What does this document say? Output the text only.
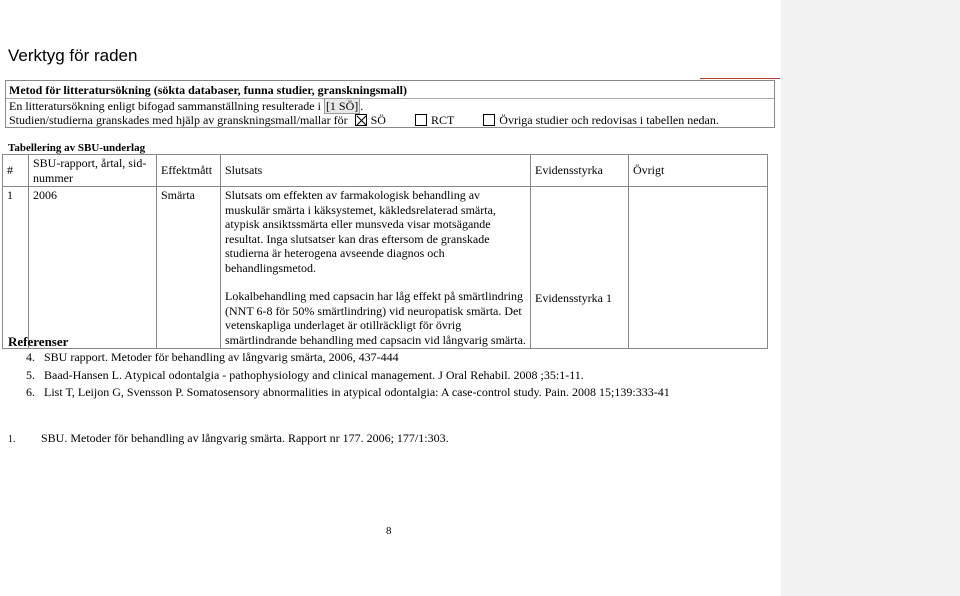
Verktyg för raden
Metod för litteratursökning (sökta databaser, funna studier, granskningsmall)
En litteratursökning enligt bifogad sammanställning resulterade i [1 SÖ] .
Studien/studierna granskades med hjälp av granskningsmall/mallar för SÖ	RCT	Övriga studier och redovisas i tabellen nedan.
Tabellering av SBU-underlag
#	SBU-rapport, årtal, sid-nummer	Effektmått	Slutsats	Evidensstyrka	Övrigt
1	2006	Smärta	Slutsats om effekten av farmakologisk behandling av muskulär smärta i käksystemet, käkledsrelaterad smärta, atypisk ansiktssmärta eller munsveda visar motsägande resultat. Inga slutsatser kan dras eftersom de granskade studierna är heterogena avseende diagnos och behandlingsmetod.
Lokalbehandling med capsacin har låg effekt på smärtlindring (NNT 6-8 för 50% smärtlindring) vid neuropatisk smärta. Det vetenskapliga underlaget är otillräckligt för övrig smärtlindrande behandling med capsacin vid långvarig smärta.	Evidensstyrka 1	
Referenser
4. SBU rapport. Metoder för behandling av långvarig smärta, 2006, 437-444
5. Baad-Hansen L. Atypical odontalgia - pathophysiology and clinical management. J Oral Rehabil. 2008 ;35:1-11.
6. List T, Leijon G, Svensson P. Somatosensory abnormalities in atypical odontalgia: A case-control study. Pain. 2008 15;139:333-41
1. SBU. Metoder för behandling av långvarig smärta. Rapport nr 177. 2006; 177/1:303.
8
